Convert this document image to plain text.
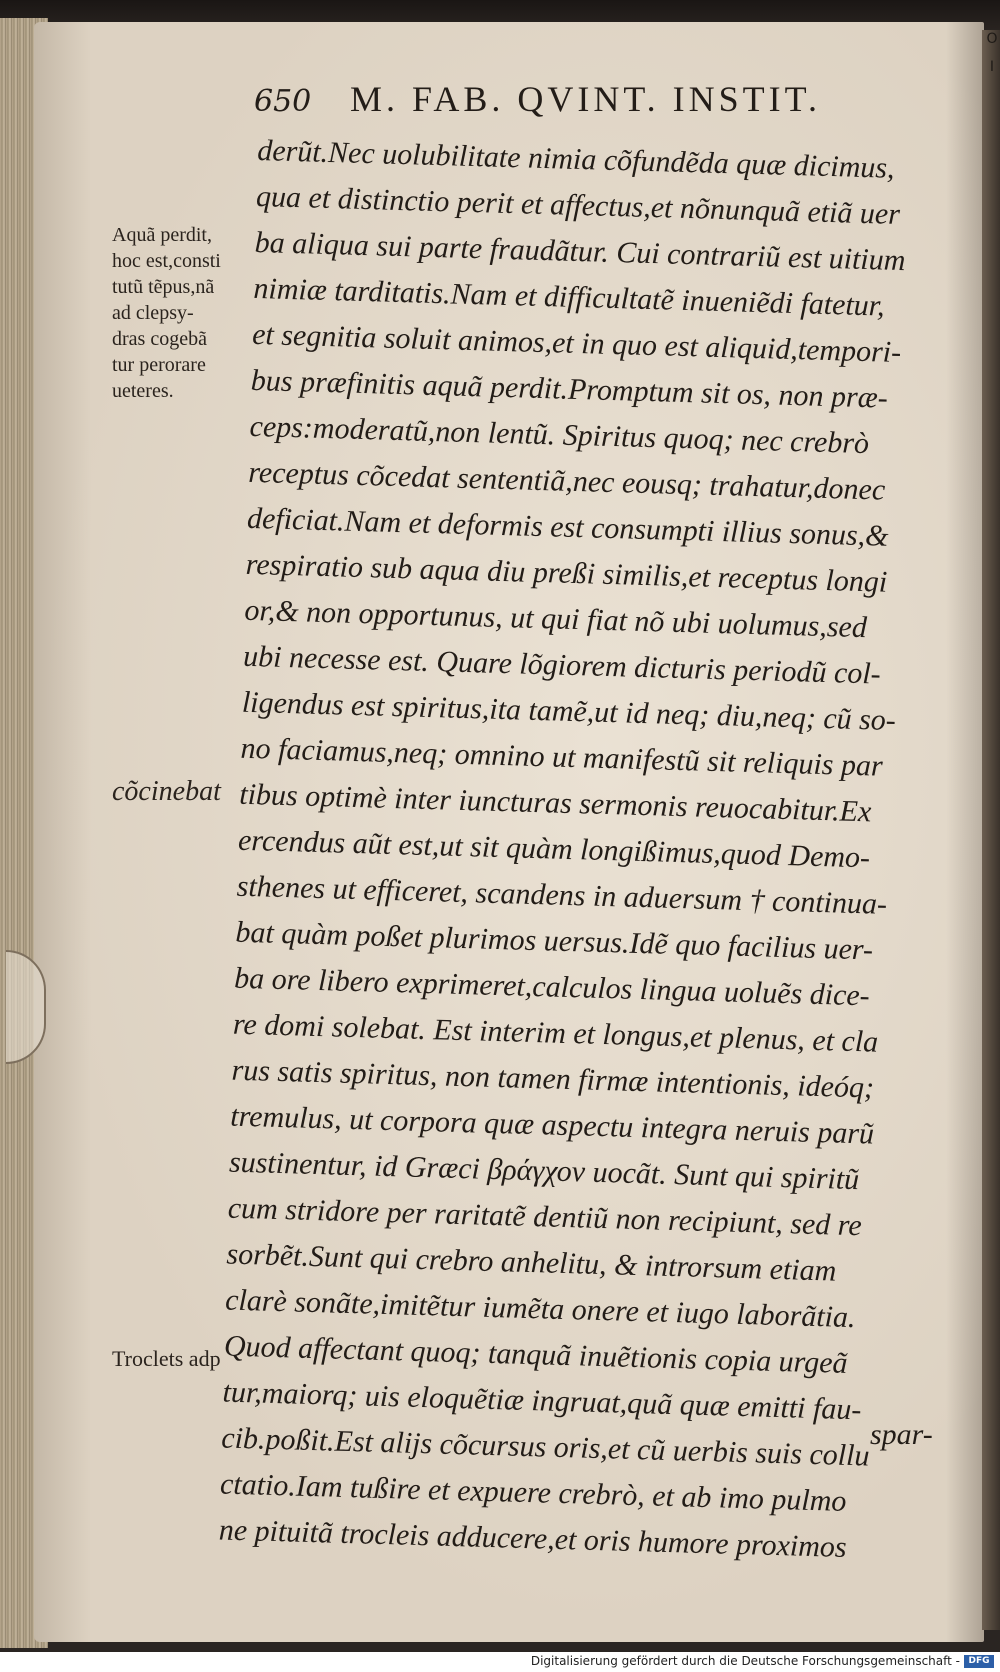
O
I
650 M. FAB. QVINT. INSTIT.
derũt.Nec uolubilitate nimia cõfundẽda quæ dicimus,
qua et distinctio perit et affectus,et nõnunquã etiã uer
ba aliqua sui parte fraudãtur. Cui contrariũ est uitium
nimiæ tarditatis.Nam et difficultatẽ inueniẽdi fatetur,
et segnitia soluit animos,et in quo est aliquid,tempori-
bus præfinitis aquã perdit.Promptum sit os, non præ-
ceps:moderatũ,non lentũ. Spiritus quoq; nec crebrò
receptus cõcedat sententiã,nec eousq; trahatur,donec
deficiat.Nam et deformis est consumpti illius sonus,&
respiratio sub aqua diu preßi similis,et receptus longi
or,& non opportunus, ut qui fiat nõ ubi uolumus,sed
ubi necesse est. Quare lõgiorem dicturis periodũ col-
ligendus est spiritus,ita tamẽ,ut id neq; diu,neq; cũ so-
no faciamus,neq; omnino ut manifestũ sit reliquis par
tibus optimè inter iuncturas sermonis reuocabitur.Ex
ercendus aũt est,ut sit quàm longißimus,quod Demo-
sthenes ut efficeret, scandens in aduersum † continua-
bat quàm poßet plurimos uersus.Idẽ quo facilius uer-
ba ore libero exprimeret,calculos lingua uoluẽs dice-
re domi solebat. Est interim et longus,et plenus, et cla
rus satis spiritus, non tamen firmæ intentionis, ideóq;
tremulus, ut corpora quæ aspectu integra neruis parũ
sustinentur, id Græci βράγχον uocãt. Sunt qui spiritũ
cum stridore per raritatẽ dentiũ non recipiunt, sed re
sorbẽt.Sunt qui crebro anhelitu, & introrsum etiam
clarè sonãte,imitẽtur iumẽta onere et iugo laborãtia.
Quod affectant quoq; tanquã inuẽtionis copia urgeã
tur,maiorq; uis eloquẽtiæ ingruat,quã quæ emitti fau-
cib.poßit.Est alijs cõcursus oris,et cũ uerbis suis collu
ctatio.Iam tußire et expuere crebrò, et ab imo pulmo
ne pituitã trocleis adducere,et oris humore proximos
Aquã perdit,
hoc est,consti
tutũ tẽpus,nã
ad clepsy-
dras cogebã
tur perorare
ueteres.
cõcinebat
Troclets adp
spar-
Digitalisierung gefördert durch die Deutsche Forschungsgemeinschaft - DFG
